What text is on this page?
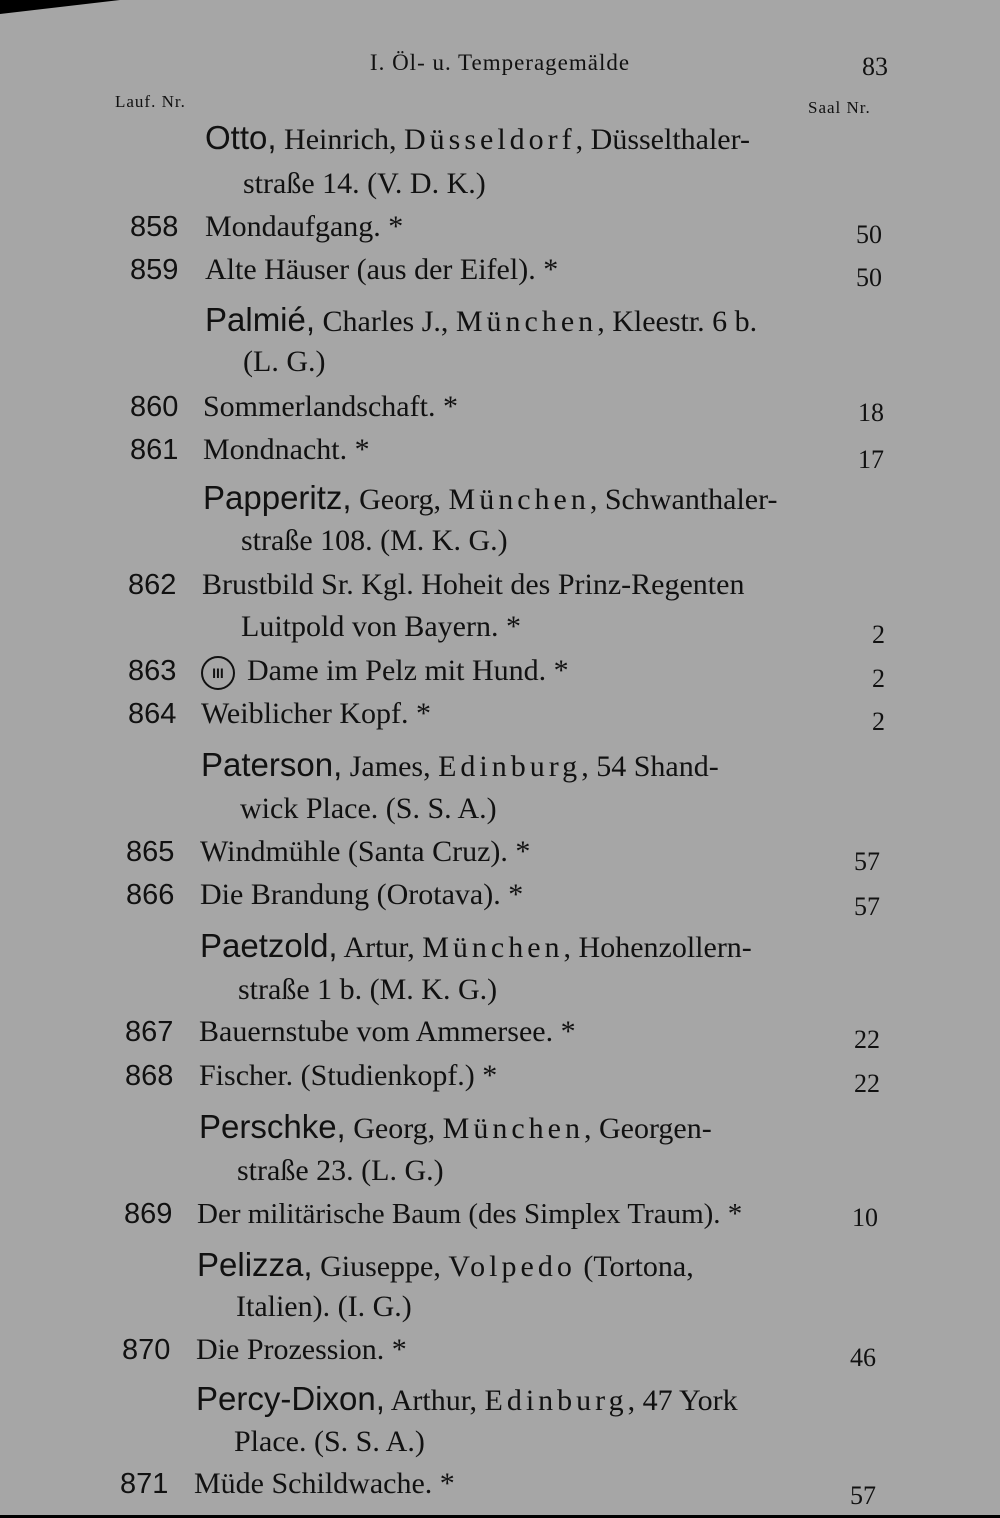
I. Öl- u. Temperagemälde	83
Lauf. Nr.	Saal Nr.
Otto, Heinrich, Düsseldorf, Düsselthaler-
straße 14. (V. D. K.)
858 Mondaufgang. *	50
859 Alte Häuser (aus der Eifel). *	50
Palmié, Charles J., München, Kleestr. 6 b.
(L. G.)
860 Sommerlandschaft. *	18
861 Mondnacht. *	17
Papperitz, Georg, München, Schwanthaler-
straße 108. (M. K. G.)
862 Brustbild Sr. Kgl. Hoheit des Prinz-Regenten
Luitpold von Bayern. *	2
863	III Dame im Pelz mit Hund. *	2
864 Weiblicher Kopf. *	2
Paterson, James, Edinburg, 54 Shand-
wick Place. (S. S. A.)
865 Windmühle (Santa Cruz). *	57
866 Die Brandung (Orotava). *	57
Paetzold, Artur, München, Hohenzollern-
straße 1 b. (M. K. G.)
867 Bauernstube vom Ammersee. *	22
868 Fischer. (Studienkopf.) *	22
Perschke, Georg, München, Georgen-
straße 23. (L. G.)
869 Der militärische Baum (des Simplex Traum). *	10
Pelizza, Giuseppe, Volpedo (Tortona,
Italien). (I. G.)
870 Die Prozession. *	46
Percy-Dixon, Arthur, Edinburg, 47 York
Place. (S. S. A.)
871 Müde Schildwache. *	57
